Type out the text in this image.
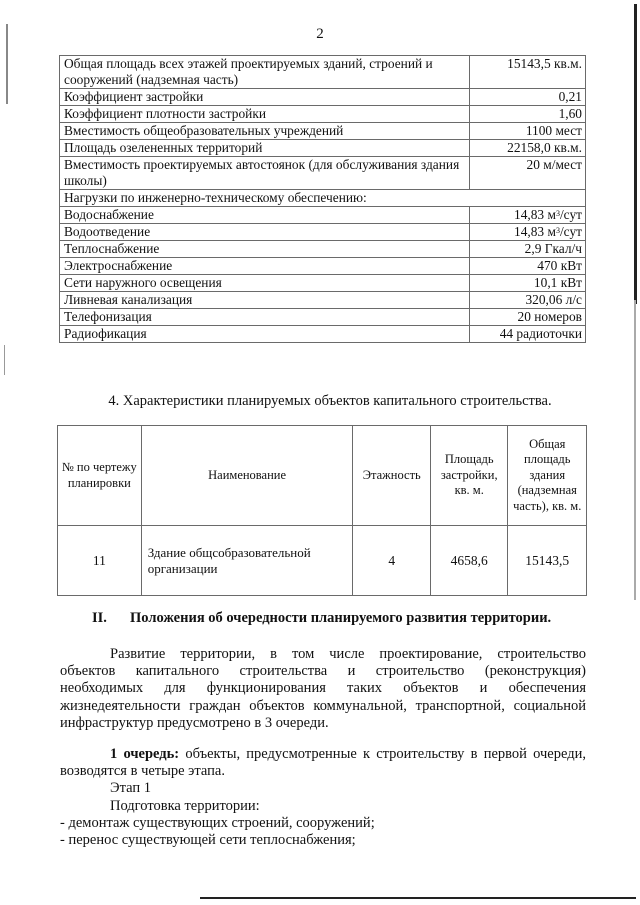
2
Общая площадь всех этажей проектируемых зданий, строений и сооружений (надземная часть)	15143,5 кв.м.
Коэффициент застройки	0,21
Коэффициент плотности застройки	1,60
Вместимость общеобразовательных учреждений	1100 мест
Площадь озелененных территорий	22158,0 кв.м.
Вместимость проектируемых автостоянок (для обслуживания здания школы)	20 м/мест
Нагрузки по инженерно-техническому обеспечению:	
Водоснабжение	14,83 $м^3$/сут
Водоотведение	14,83 $м^3$/сут
Теплоснабжение	2,9 Гкал/ч
Электроснабжение	470 кВт
Сети наружного освещения	10,1 кВт
Ливневая канализация	320,06 л/с
Телефонизация	20 номеров
Радиофикация	44 радиоточки
4. Характеристики планируемых объектов капитального строительства.
№ по чертежу планировки	Наименование	Этажность	Площадь застройки, кв. м.	Общая площадь здания (надземная часть), кв. м.
11	Здание общсобразовательной организации	4	4658,6	15143,5
II. Положения об очередности планируемого развития территории.
Развитие территории, в том числе проектирование, строительство
объектов капитального строительства и строительство (реконструкция)
необходимых для функционирования таких объектов и обеспечения
жизнедеятельности граждан объектов коммунальной, транспортной, социальной
инфраструктур предусмотрено в 3 очереди.
1 очередь: объекты, предусмотренные к строительству в первой очереди, возводятся в четыре этапа.
Этап 1
Подготовка территории:
- демонтаж существующих строений, сооружений;
- перенос существующей сети теплоснабжения;
